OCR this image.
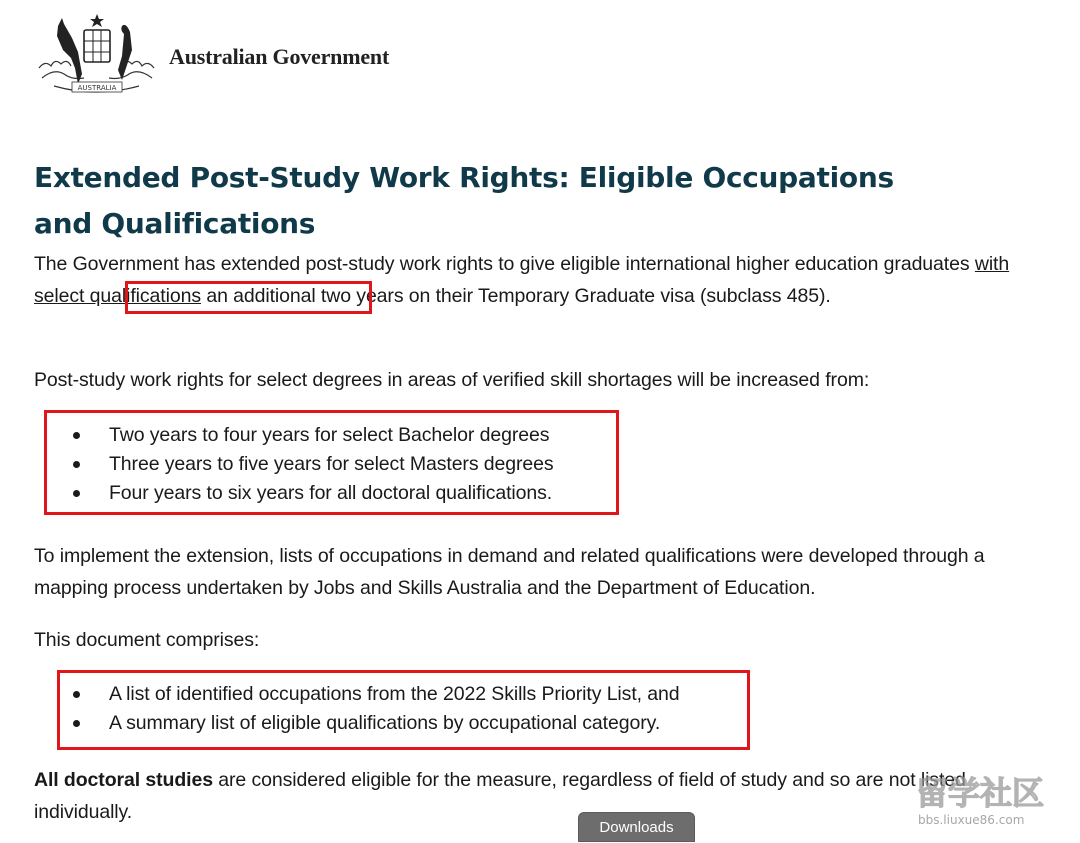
AUSTRALIA
Australian Government
Extended Post-Study Work Rights: Eligible Occupations and Qualifications

The Government has extended post-study work rights to give eligible international higher education graduates with select qualifications an additional two years on their Temporary Graduate visa (subclass 485).

Post-study work rights for select degrees in areas of verified skill shortages will be increased from:

Two years to four years for select Bachelor degrees
Three years to five years for select Masters degrees
Four years to six years for all doctoral qualifications.

To implement the extension, lists of occupations in demand and related qualifications were developed through a mapping process undertaken by Jobs and Skills Australia and the Department of Education.

This document comprises:

A list of identified occupations from the 2022 Skills Priority List, and
A summary list of eligible qualifications by occupational category.

All doctoral studies are considered eligible for the measure, regardless of field of study and so are not listed individually.

Downloads
留学社区
bbs.liuxue86.com
